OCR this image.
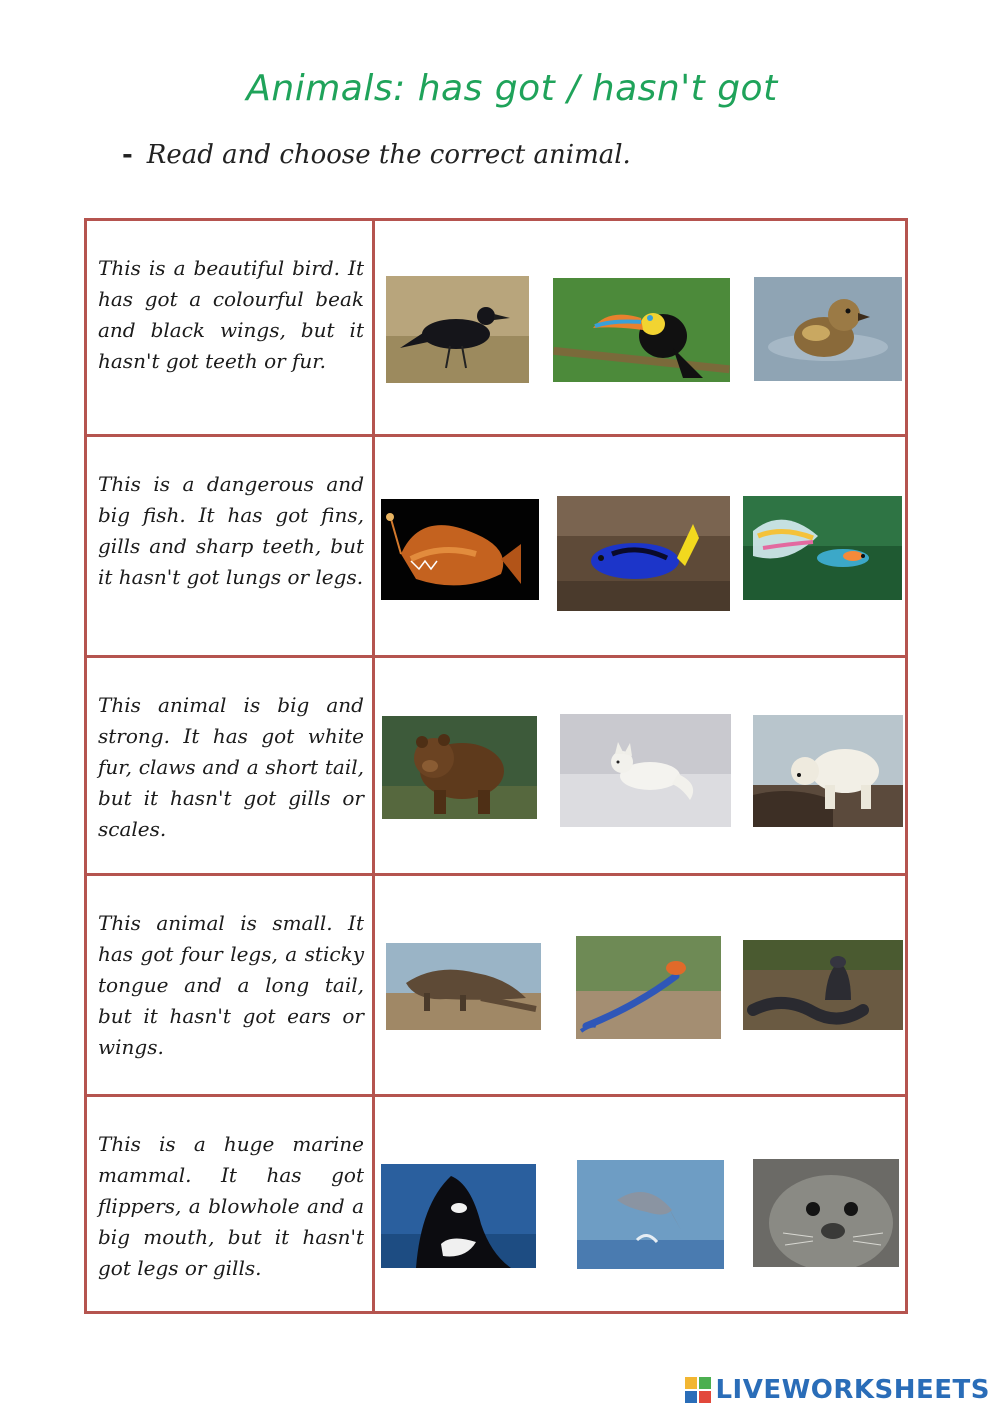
Animals: has got / hasn't got
- Read and choose the correct animal.
This is a beautiful bird. It has got a colourful beak and black wings, but it hasn't got teeth or fur.
This is a dangerous and big fish. It has got fins, gills and sharp teeth, but it hasn't got lungs or legs.
This animal is big and strong. It has got white fur, claws and a short tail, but it hasn't got gills or scales.
This animal is small. It has got four legs, a sticky tongue and a long tail, but it hasn't got ears or wings.
This is a huge marine mammal. It has got flippers, a blowhole and a big mouth, but it hasn't got legs or gills.
LIVEWORKSHEETS
